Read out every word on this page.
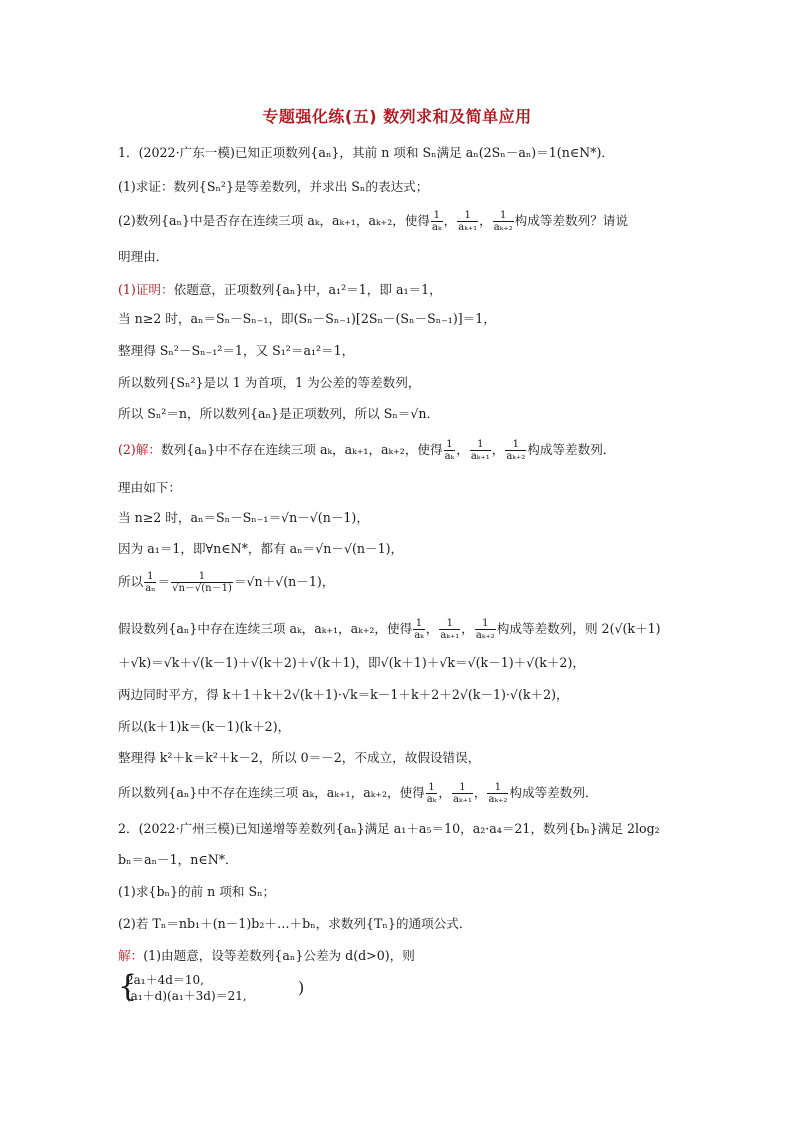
专题强化练(五) 数列求和及简单应用
1．(2022·广东一模)已知正项数列{aₙ}，其前 n 项和 Sₙ满足 aₙ(2Sₙ－aₙ)＝1(n∈N*)．
(1)求证：数列{Sₙ²}是等差数列，并求出 Sₙ的表达式；
(2)数列{aₙ}中是否存在连续三项 aₖ，aₖ₊₁，aₖ₊₂，使得 $\frac{1}{\text{aₖ}}$ ， $\frac{1}{\text{aₖ₊₁}}$ ， $\frac{1}{\text{aₖ₊₂}}$ 构成等差数列？请说
明理由．
(1)证明：依题意，正项数列{aₙ}中，a₁²＝1，即 a₁＝1，
当 n≥2 时，aₙ＝Sₙ－Sₙ₋₁，即(Sₙ－Sₙ₋₁)[2Sₙ－(Sₙ－Sₙ₋₁)]＝1，
整理得 Sₙ²－Sₙ₋₁²＝1，又 S₁²＝a₁²＝1，
所以数列{Sₙ²}是以 1 为首项，1 为公差的等差数列，
所以 Sₙ²＝n，所以数列{aₙ}是正项数列，所以 Sₙ＝√n．
(2)解：数列{aₙ}中不存在连续三项 aₖ，aₖ₊₁，aₖ₊₂，使得 $\frac{1}{\text{aₖ}}$ ， $\frac{1}{\text{aₖ₊₁}}$ ， $\frac{1}{\text{aₖ₊₂}}$ 构成等差数列．
理由如下：
当 n≥2 时，aₙ＝Sₙ－Sₙ₋₁＝√n－√(n－1)，
因为 a₁＝1，即∀n∈N*，都有 aₙ＝√n－√(n－1)，
所以 $\frac{1}{\text{aₙ}} = \frac{1}{√n-√(n-1)} =√n+√(n-1)$，
假设数列{aₙ}中存在连续三项 aₖ，aₖ₊₁，aₖ₊₂，使得 $\frac{1}{\text{aₖ}}$ ， $\frac{1}{\text{aₖ₊₁}}$ ， $\frac{1}{\text{aₖ₊₂}}$ 构成等差数列，则 2(√(k＋1)
＋√k)＝√k＋√(k－1)＋√(k＋2)＋√(k＋1)，即√(k＋1)＋√k＝√(k－1)＋√(k＋2)，
两边同时平方，得 k＋1＋k＋2√(k＋1)·√k＝k－1＋k＋2＋2√(k－1)·√(k＋2)，
所以(k＋1)k＝(k－1)(k＋2)，
整理得 k²＋k＝k²＋k－2，所以 0＝－2，不成立，故假设错误，
所以数列{aₙ}中不存在连续三项 aₖ，aₖ₊₁，aₖ₊₂，使得 $\frac{1}{\text{aₖ}}$ ， $\frac{1}{\text{aₖ₊₁}}$ ， $\frac{1}{\text{aₖ₊₂}}$ 构成等差数列．
2．(2022·广州三模)已知递增等差数列{aₙ}满足 a₁＋a₅＝10，a₂·a₄＝21，数列{bₙ}满足 2log₂
bₙ＝aₙ－1，n∈N*．
(1)求{bₙ}的前 n 项和 Sₙ；
(2)若 Tₙ＝nb₁＋(n－1)b₂＋…＋bₙ，求数列{Tₙ}的通项公式．
解：(1)由题意，设等差数列{aₙ}公差为 d(d>0)，则
{
2a₁＋4d＝10,
(a₁＋d)(a₁＋3d)＝21,	)
